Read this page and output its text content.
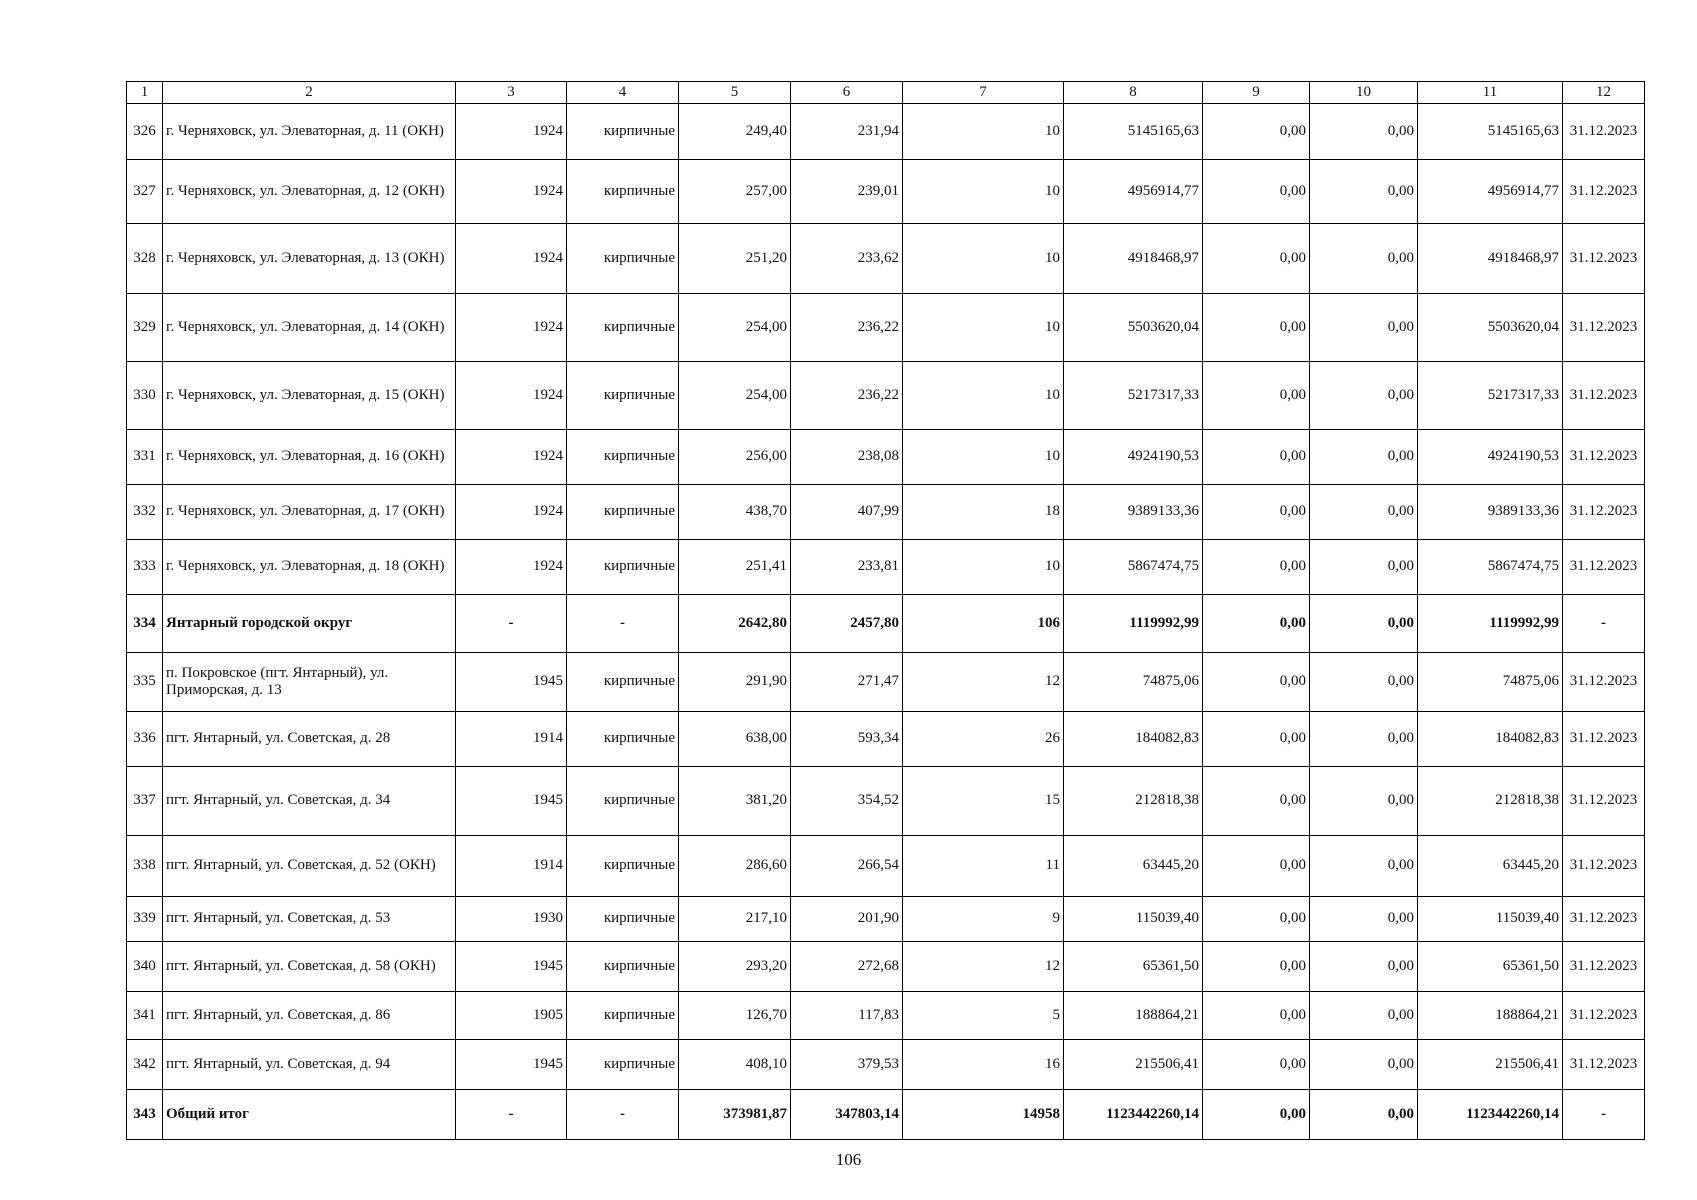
1	2	3	4	5	6	7	8	9	10	11	12
326	г. Черняховск, ул. Элеваторная, д. 11 (ОКН)	1924	кирпичные	249,40	231,94	10	5145165,63	0,00	0,00	5145165,63	31.12.2023
327	г. Черняховск, ул. Элеваторная, д. 12 (ОКН)	1924	кирпичные	257,00	239,01	10	4956914,77	0,00	0,00	4956914,77	31.12.2023
328	г. Черняховск, ул. Элеваторная, д. 13 (ОКН)	1924	кирпичные	251,20	233,62	10	4918468,97	0,00	0,00	4918468,97	31.12.2023
329	г. Черняховск, ул. Элеваторная, д. 14 (ОКН)	1924	кирпичные	254,00	236,22	10	5503620,04	0,00	0,00	5503620,04	31.12.2023
330	г. Черняховск, ул. Элеваторная, д. 15 (ОКН)	1924	кирпичные	254,00	236,22	10	5217317,33	0,00	0,00	5217317,33	31.12.2023
331	г. Черняховск, ул. Элеваторная, д. 16 (ОКН)	1924	кирпичные	256,00	238,08	10	4924190,53	0,00	0,00	4924190,53	31.12.2023
332	г. Черняховск, ул. Элеваторная, д. 17 (ОКН)	1924	кирпичные	438,70	407,99	18	9389133,36	0,00	0,00	9389133,36	31.12.2023
333	г. Черняховск, ул. Элеваторная, д. 18 (ОКН)	1924	кирпичные	251,41	233,81	10	5867474,75	0,00	0,00	5867474,75	31.12.2023
334	Янтарный городской округ	-	-	2642,80	2457,80	106	1119992,99	0,00	0,00	1119992,99	-
335	п. Покровское (пгт. Янтарный), ул. Приморская, д. 13	1945	кирпичные	291,90	271,47	12	74875,06	0,00	0,00	74875,06	31.12.2023
336	пгт. Янтарный, ул. Советская, д. 28	1914	кирпичные	638,00	593,34	26	184082,83	0,00	0,00	184082,83	31.12.2023
337	пгт. Янтарный, ул. Советская, д. 34	1945	кирпичные	381,20	354,52	15	212818,38	0,00	0,00	212818,38	31.12.2023
338	пгт. Янтарный, ул. Советская, д. 52 (ОКН)	1914	кирпичные	286,60	266,54	11	63445,20	0,00	0,00	63445,20	31.12.2023
339	пгт. Янтарный, ул. Советская, д. 53	1930	кирпичные	217,10	201,90	9	115039,40	0,00	0,00	115039,40	31.12.2023
340	пгт. Янтарный, ул. Советская, д. 58 (ОКН)	1945	кирпичные	293,20	272,68	12	65361,50	0,00	0,00	65361,50	31.12.2023
341	пгт. Янтарный, ул. Советская, д. 86	1905	кирпичные	126,70	117,83	5	188864,21	0,00	0,00	188864,21	31.12.2023
342	пгт. Янтарный, ул. Советская, д. 94	1945	кирпичные	408,10	379,53	16	215506,41	0,00	0,00	215506,41	31.12.2023
343	Общий итог	-	-	373981,87	347803,14	14958	1123442260,14	0,00	0,00	1123442260,14	-
106
